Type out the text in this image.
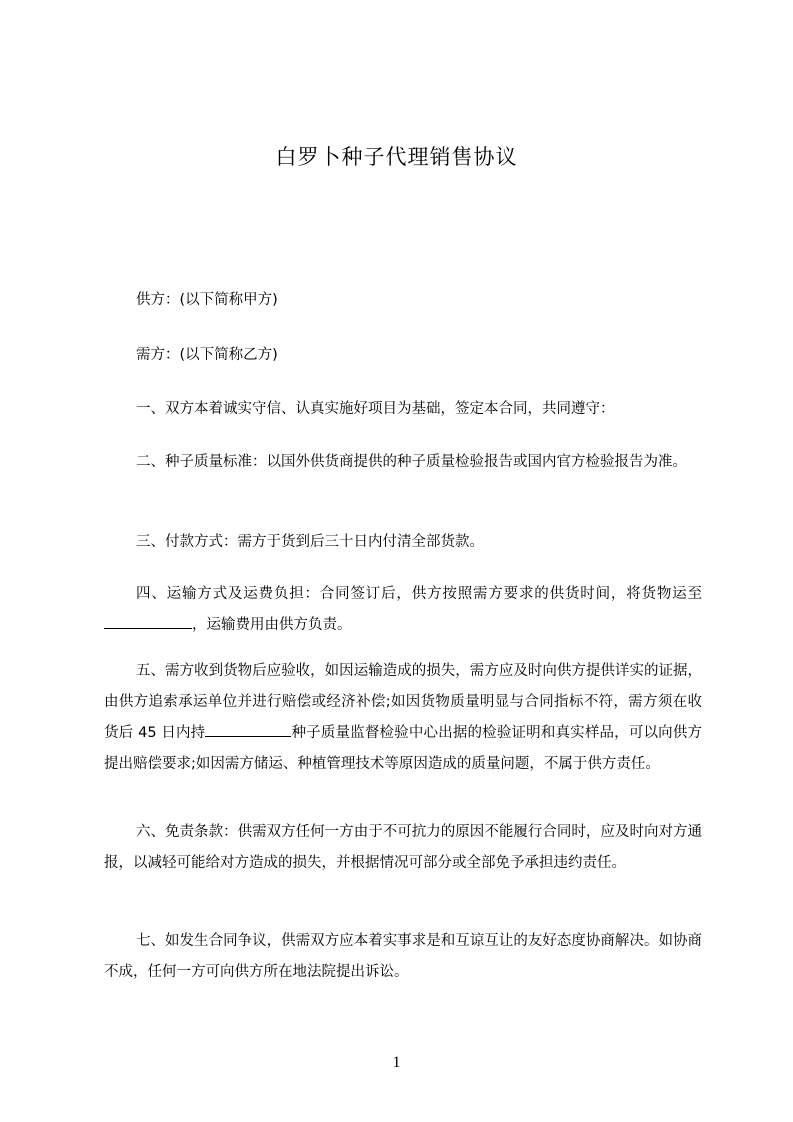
白罗卜种子代理销售协议

供方：(以下简称甲方)

需方：(以下简称乙方)

一、双方本着诚实守信、认真实施好项目为基础，签定本合同，共同遵守：

二、种子质量标准：以国外供货商提供的种子质量检验报告或国内官方检验报告为准。

三、付款方式：需方于货到后三十日内付清全部货款。

四、运输方式及运费负担：合同签订后，供方按照需方要求的供货时间，将货物运至，运输费用由供方负责。

五、需方收到货物后应验收，如因运输造成的损失，需方应及时向供方提供详实的证据，由供方追索承运单位并进行赔偿或经济补偿;如因货物质量明显与合同指标不符，需方须在收货后 45 日内持	种子质量监督检验中心出据的检验证明和真实样品，可以向供方提出赔偿要求;如因需方储运、种植管理技术等原因造成的质量问题，不属于供方责任。

六、免责条款：供需双方任何一方由于不可抗力的原因不能履行合同时，应及时向对方通报，以减轻可能给对方造成的损失，并根据情况可部分或全部免予承担违约责任。

七、如发生合同争议，供需双方应本着实事求是和互谅互让的友好态度协商解决。如协商不成，任何一方可向供方所在地法院提出诉讼。

1
